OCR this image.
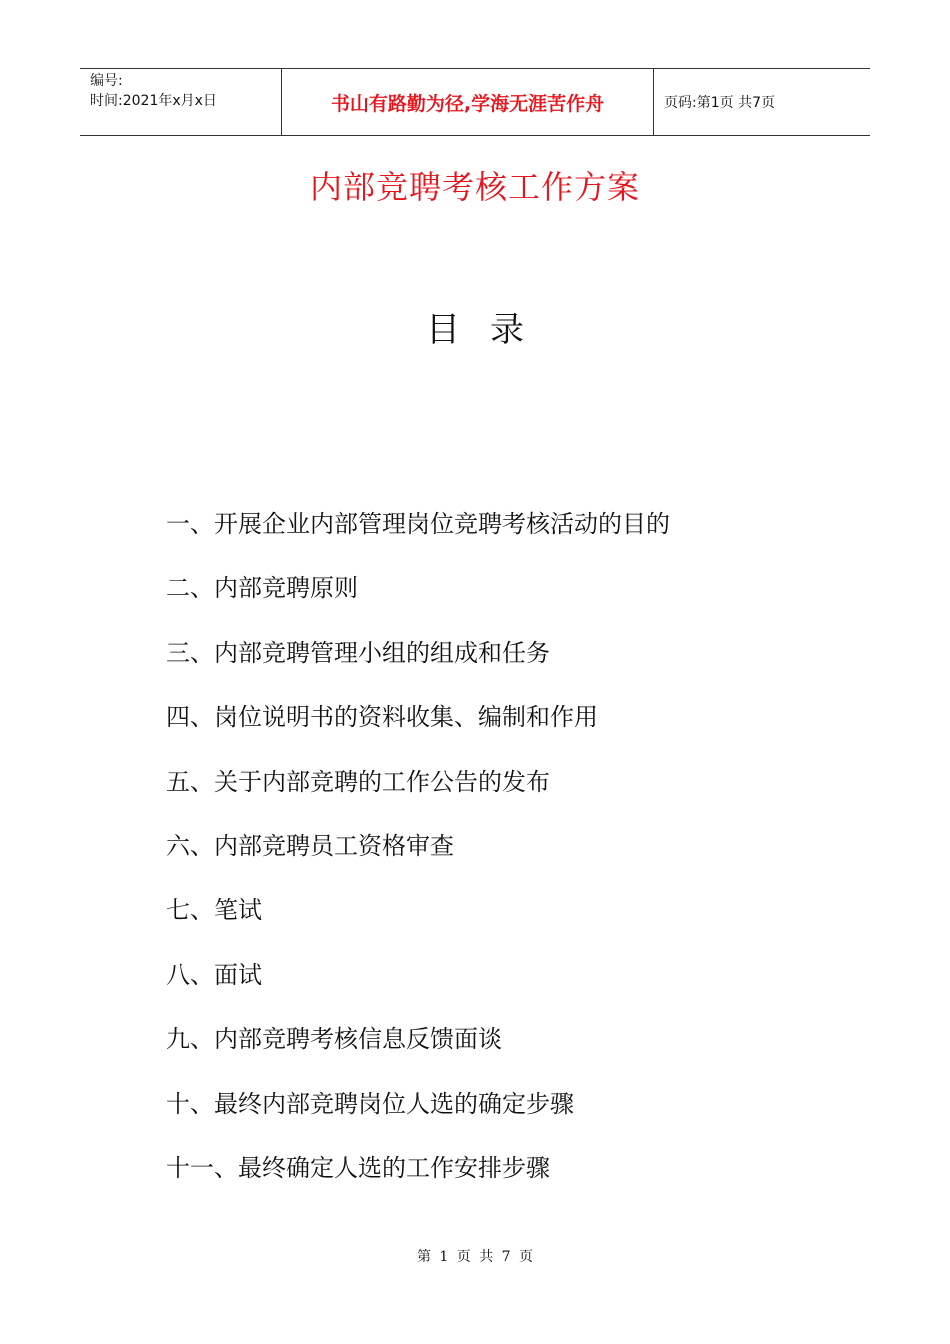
编号:
时间:2021年x月x日	书山有路勤为径,学海无涯苦作舟	页码:第1页 共7页
内部竞聘考核工作方案
目录
一、开展企业内部管理岗位竞聘考核活动的目的
二、内部竞聘原则
三、内部竞聘管理小组的组成和任务
四、岗位说明书的资料收集、编制和作用
五、关于内部竞聘的工作公告的发布
六、内部竞聘员工资格审查
七、笔试
八、面试
九、内部竞聘考核信息反馈面谈
十、最终内部竞聘岗位人选的确定步骤
十一、最终确定人选的工作安排步骤
第 1 页 共 7 页
